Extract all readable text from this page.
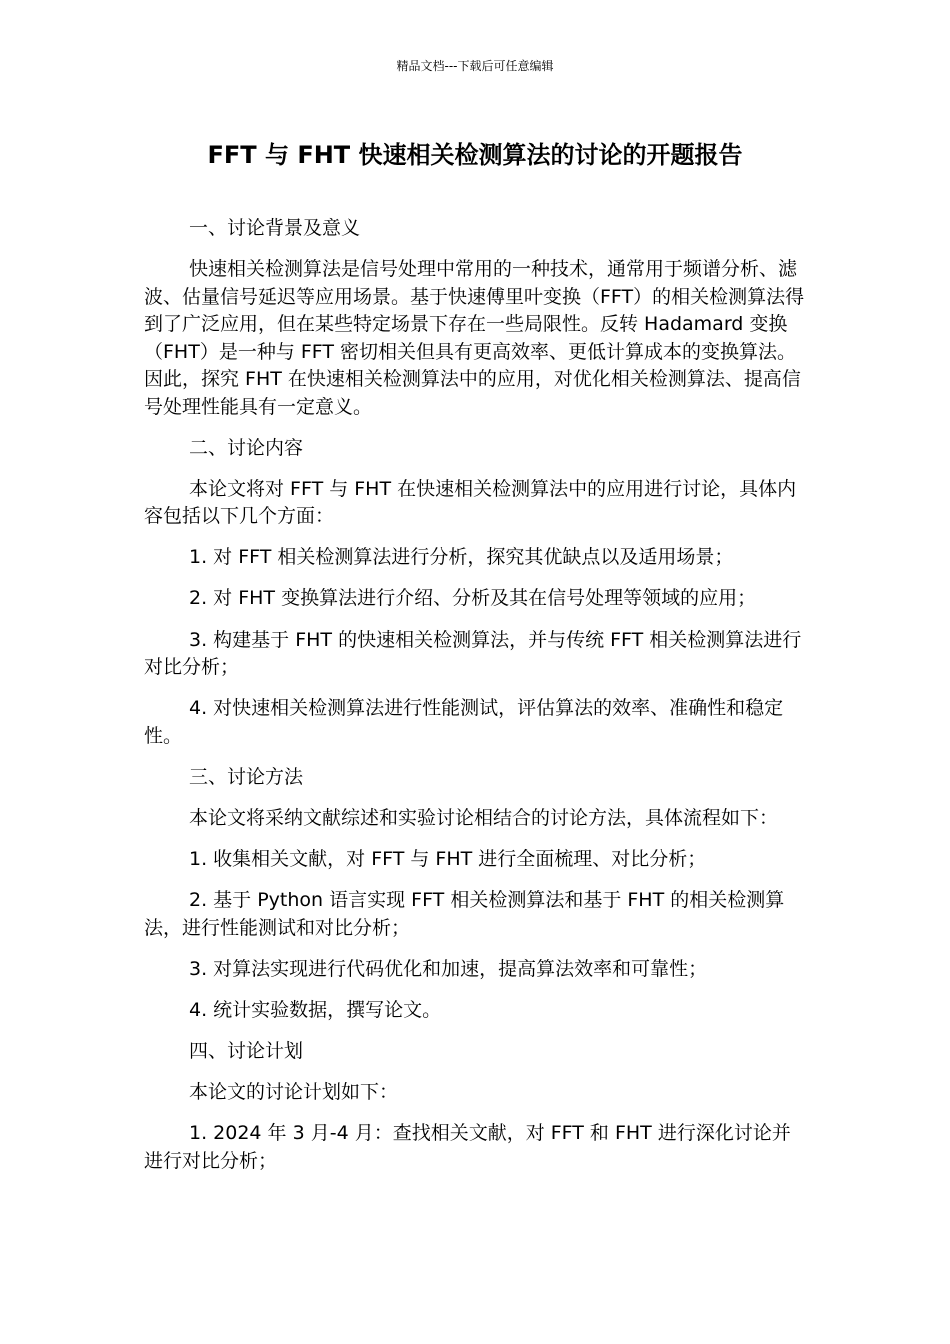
精品文档---下载后可任意编辑
FFT 与 FHT 快速相关检测算法的讨论的开题报告

一、讨论背景及意义

快速相关检测算法是信号处理中常用的一种技术，通常用于频谱分析、滤波、估量信号延迟等应用场景。基于快速傅里叶变换（FFT）的相关检测算法得到了广泛应用，但在某些特定场景下存在一些局限性。反转 Hadamard 变换（FHT）是一种与 FFT 密切相关但具有更高效率、更低计算成本的变换算法。因此，探究 FHT 在快速相关检测算法中的应用，对优化相关检测算法、提高信号处理性能具有一定意义。

二、讨论内容

本论文将对 FFT 与 FHT 在快速相关检测算法中的应用进行讨论，具体内容包括以下几个方面：

1. 对 FFT 相关检测算法进行分析，探究其优缺点以及适用场景；

2. 对 FHT 变换算法进行介绍、分析及其在信号处理等领域的应用；

3. 构建基于 FHT 的快速相关检测算法，并与传统 FFT 相关检测算法进行对比分析；

4. 对快速相关检测算法进行性能测试，评估算法的效率、准确性和稳定性。

三、讨论方法

本论文将采纳文献综述和实验讨论相结合的讨论方法，具体流程如下：

1. 收集相关文献，对 FFT 与 FHT 进行全面梳理、对比分析；

2. 基于 Python 语言实现 FFT 相关检测算法和基于 FHT 的相关检测算法，进行性能测试和对比分析；

3. 对算法实现进行代码优化和加速，提高算法效率和可靠性；

4. 统计实验数据，撰写论文。

四、讨论计划

本论文的讨论计划如下：

1. 2024 年 3 月-4 月：查找相关文献，对 FFT 和 FHT 进行深化讨论并进行对比分析；
